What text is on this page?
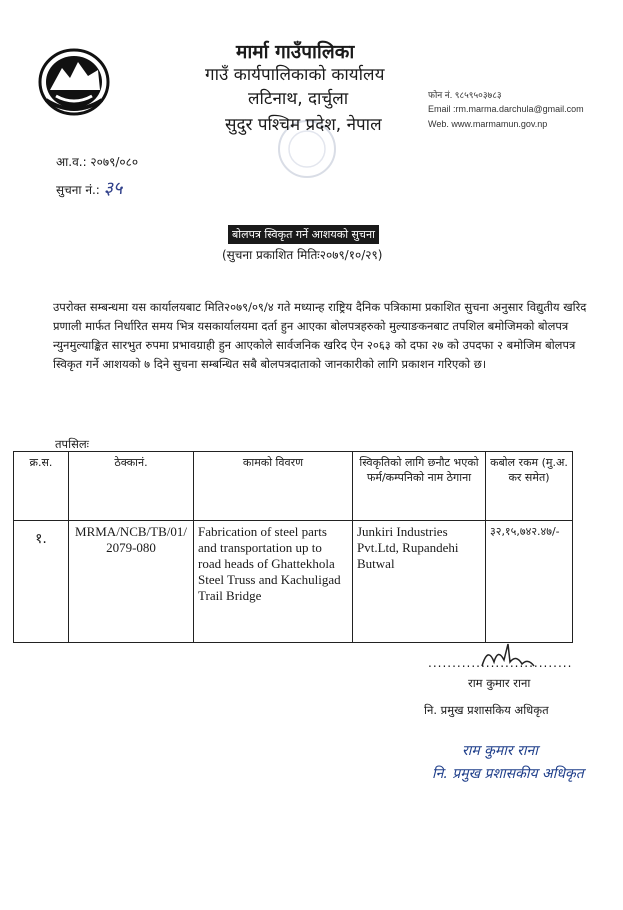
मार्मा गाउँपालिका
गाउँ कार्यपालिकाको कार्यालय
लटिनाथ, दार्चुला
सुदुर पश्चिम प्रदेश, नेपाल
फोन नं. ९८५९५०३७८३
Email :rm.marma.darchula@gmail.com
Web. www.marmamun.gov.np
आ.व.: २०७९/०८०
सुचना नं.: ३५
बोलपत्र स्विकृत गर्ने आशयको सुचना
(सुचना प्रकाशित मितिः२०७९/१०/२९)
उपरोक्त सम्बन्धमा यस कार्यालयबाट मिति२०७९/०९/४ गते मध्यान्ह राष्ट्रिय दैनिक पत्रिकामा प्रकाशित सुचना अनुसार विद्युतीय खरिद प्रणाली मार्फत निर्धारित समय भित्र यसकार्यालयमा दर्ता हुन आएका बोलपत्रहरुको मुल्याङकनबाट तपशिल बमोजिमको बोलपत्र न्युनमुल्याङ्कित सारभुत रुपमा प्रभावग्राही हुन आएकोले सार्वजनिक खरिद ऐन २०६३ को दफा २७ को उपदफा २ बमोजिम बोलपत्र स्विकृत गर्ने आशयको ७ दिने सुचना सम्बन्धित सबै बोलपत्रदाताको जानकारीको लागि प्रकाशन गरिएको छ।
तपसिलः
क्र.स.	ठेक्कानं.	कामको विवरण	स्विकृतिको लागि छनौट भएको फर्म/कम्पनिको नाम ठेगाना	कबोल रकम (मु.अ. कर समेत)
१.	MRMA/NCB/TB/01/2079-080	Fabrication of steel parts and transportation up to road heads of Ghattekhola Steel Truss and Kachuligad Trail Bridge	Junkiri Industries Pvt.Ltd, Rupandehi Butwal	३२,१५,७४२.४७/-
..............................
राम कुमार राना
नि. प्रमुख प्रशासकिय अधिकृत
राम कुमार राना
नि. प्रमुख प्रशासकीय अधिकृत
